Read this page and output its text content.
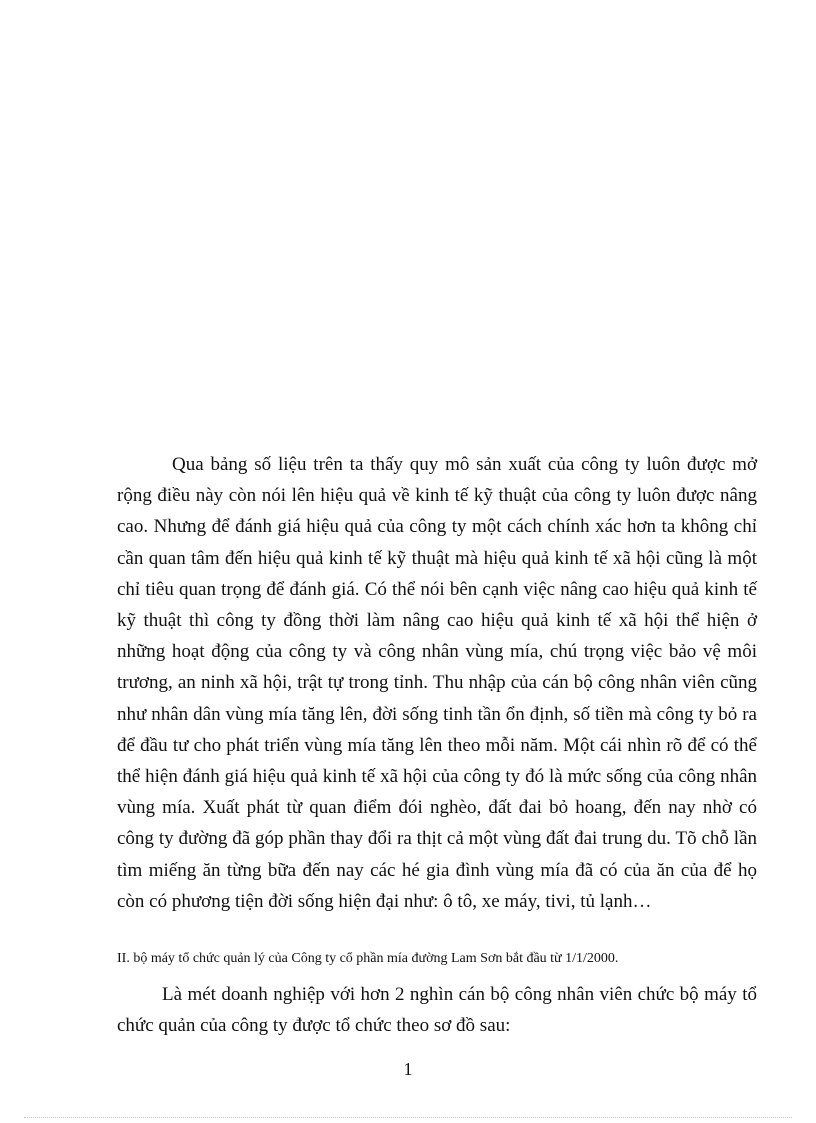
Qua bảng số liệu trên ta thấy quy mô sản xuất của công ty luôn được mở rộng điều này còn nói lên hiệu quả về kinh tế kỹ thuật của công ty luôn được nâng cao. Nhưng để đánh giá hiệu quả của công ty một cách chính xác hơn ta không chỉ cần quan tâm đến hiệu quả kinh tế kỹ thuật mà hiệu quả kinh tế xã hội cũng là một chỉ tiêu quan trọng để đánh giá. Có thể nói bên cạnh việc nâng cao hiệu quả kinh tế kỹ thuật thì công ty đồng thời làm nâng cao hiệu quả kinh tế xã hội thể hiện ở những hoạt động của công ty và công nhân vùng mía, chú trọng việc bảo vệ môi trương, an ninh xã hội, trật tự trong tỉnh. Thu nhập của cán bộ công nhân viên cũng như nhân dân vùng mía tăng lên, đời sống tinh tần ổn định, số tiền mà công ty bỏ ra để đầu tư cho phát triển vùng mía tăng lên theo mỗi năm. Một cái nhìn rõ để có thể thể hiện đánh giá hiệu quả kinh tế xã hội của công ty đó là mức sống của công nhân vùng mía. Xuất phát từ quan điểm đói nghèo, đất đai bỏ hoang, đến nay nhờ có công ty đường đã góp phần thay đổi ra thịt cả một vùng đất đai trung du. Tõ chỗ lần tìm miếng ăn từng bữa đến nay các hé gia đình vùng mía đã có của ăn của để họ còn có phương tiện đời sống hiện đại như: ô tô, xe máy, tivi, tủ lạnh…

II. bộ máy tổ chức quản lý của Công ty cổ phần mía đường Lam Sơn bắt đầu từ 1/1/2000.

Là mét doanh nghiệp với hơn 2 nghìn cán bộ công nhân viên chức bộ máy tổ chức quản của công ty được tổ chức theo sơ đồ sau:

1
